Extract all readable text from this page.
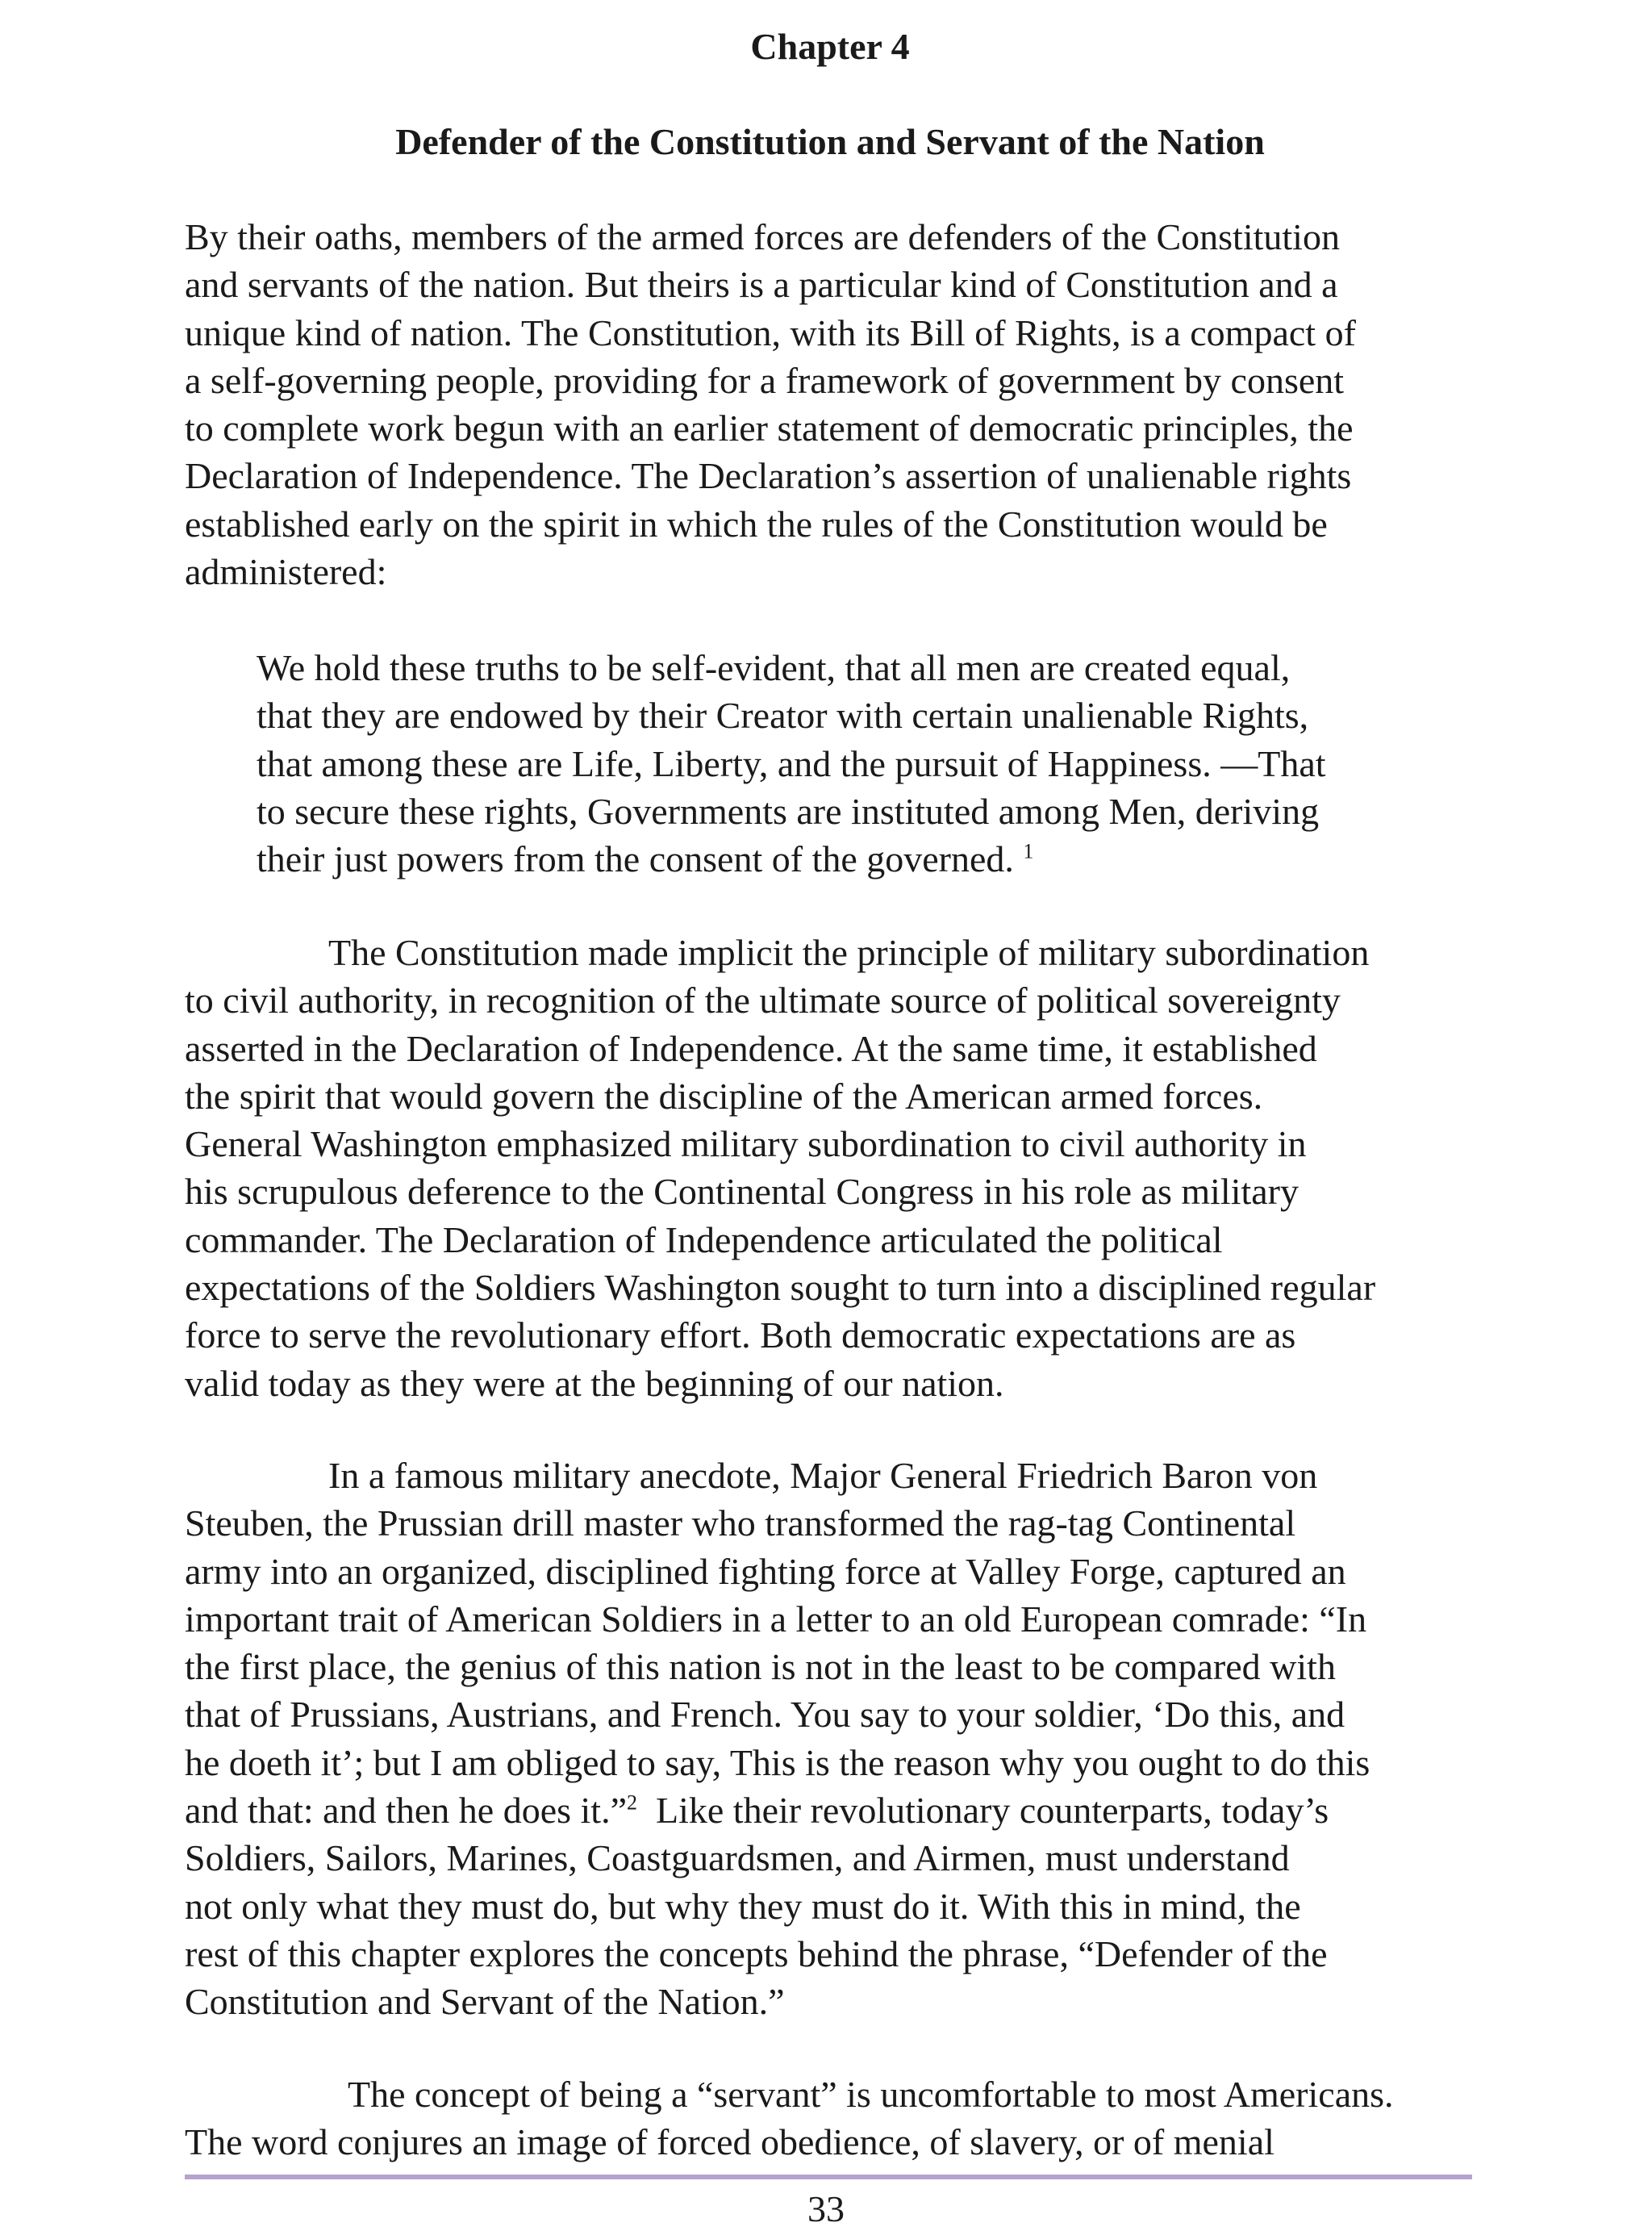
Chapter 4
Defender of the Constitution and Servant of the Nation
By their oaths, members of the armed forces are defenders of the Constitution
and servants of the nation. But theirs is a particular kind of Constitution and a
unique kind of nation. The Constitution, with its Bill of Rights, is a compact of
a self-governing people, providing for a framework of government by consent
to complete work begun with an earlier statement of democratic principles, the
Declaration of Independence. The Declaration’s assertion of unalienable rights
established early on the spirit in which the rules of the Constitution would be
administered:
We hold these truths to be self-evident, that all men are created equal,
that they are endowed by their Creator with certain unalienable Rights,
that among these are Life, Liberty, and the pursuit of Happiness. —That
to secure these rights, Governments are instituted among Men, deriving
their just powers from the consent of the governed. $^1$
The Constitution made implicit the principle of military subordination
to civil authority, in recognition of the ultimate source of political sovereignty
asserted in the Declaration of Independence. At the same time, it established
the spirit that would govern the discipline of the American armed forces.
General Washington emphasized military subordination to civil authority in
his scrupulous deference to the Continental Congress in his role as military
commander. The Declaration of Independence articulated the political
expectations of the Soldiers Washington sought to turn into a disciplined regular
force to serve the revolutionary effort. Both democratic expectations are as
valid today as they were at the beginning of our nation.
In a famous military anecdote, Major General Friedrich Baron von
Steuben, the Prussian drill master who transformed the rag-tag Continental
army into an organized, disciplined fighting force at Valley Forge, captured an
important trait of American Soldiers in a letter to an old European comrade: “In
the first place, the genius of this nation is not in the least to be compared with
that of Prussians, Austrians, and French. You say to your soldier, ‘Do this, and
he doeth it’; but I am obliged to say, This is the reason why you ought to do this
and that: and then he does it.”$^2$  Like their revolutionary counterparts, today’s
Soldiers, Sailors, Marines, Coastguardsmen, and Airmen, must understand
not only what they must do, but why they must do it. With this in mind, the
rest of this chapter explores the concepts behind the phrase, “Defender of the
Constitution and Servant of the Nation.”
The concept of being a “servant” is uncomfortable to most Americans.
The word conjures an image of forced obedience, of slavery, or of menial
33
